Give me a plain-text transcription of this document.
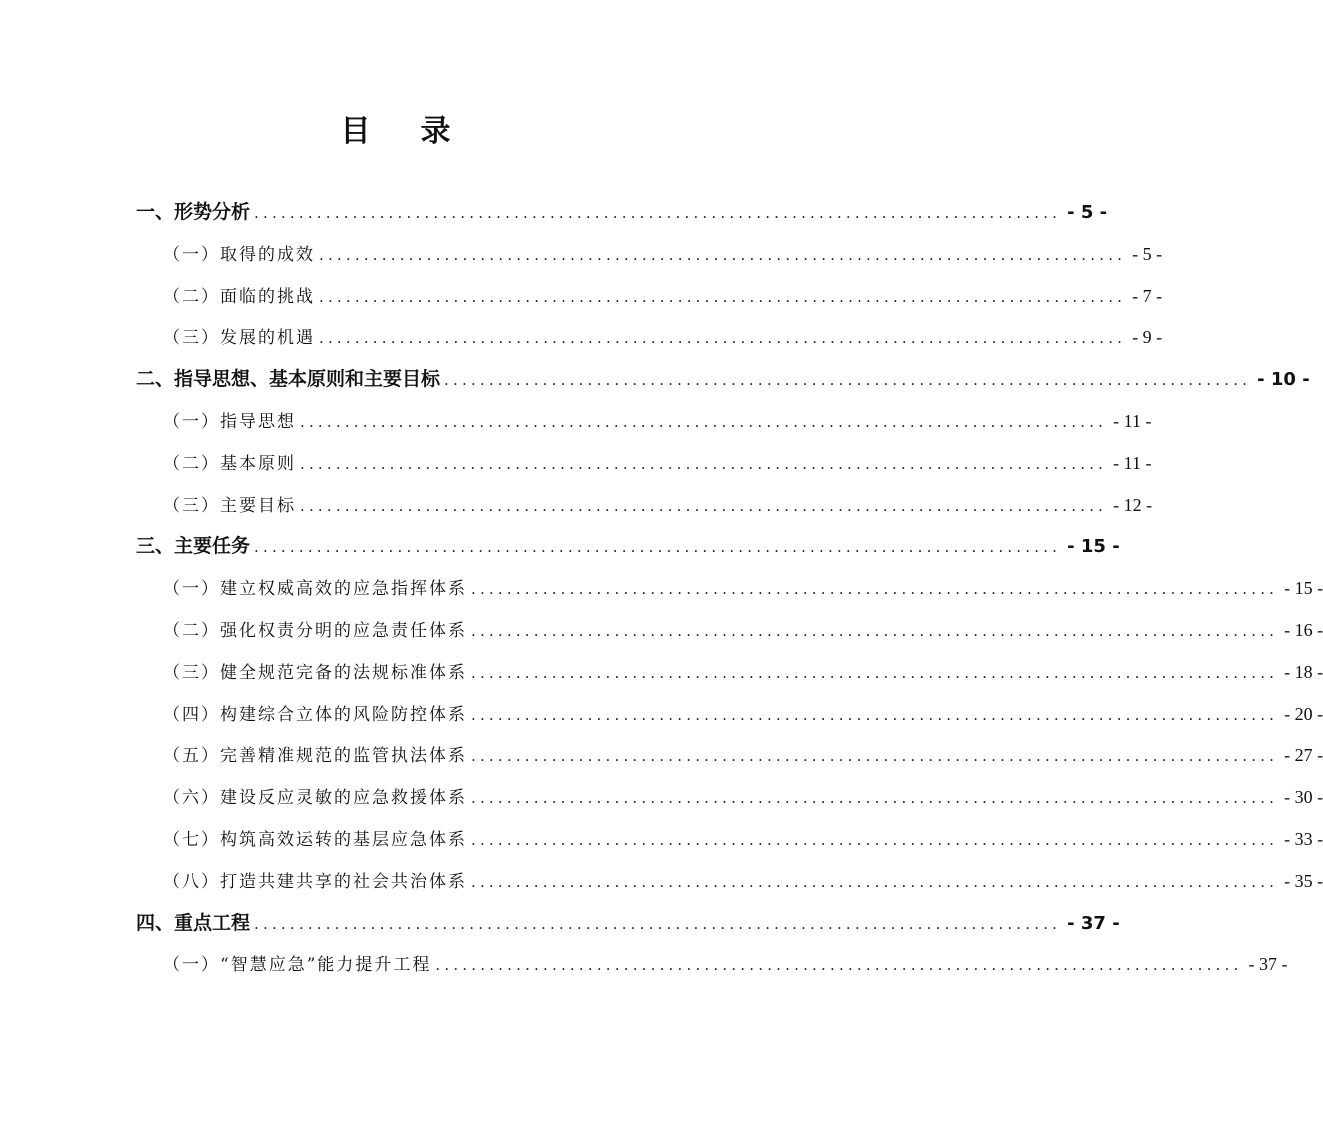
目 录
一、形势分析 .......................................................................................... - 5 -
（一）取得的成效 .......................................................................................... - 5 -
（二）面临的挑战 .......................................................................................... - 7 -
（三）发展的机遇 .......................................................................................... - 9 -
二、指导思想、基本原则和主要目标 .......................................................................................... - 10 -
（一）指导思想 .......................................................................................... - 11 -
（二）基本原则 .......................................................................................... - 11 -
（三）主要目标 .......................................................................................... - 12 -
三、主要任务 .......................................................................................... - 15 -
（一）建立权威高效的应急指挥体系 .......................................................................................... - 15 -
（二）强化权责分明的应急责任体系 .......................................................................................... - 16 -
（三）健全规范完备的法规标准体系 .......................................................................................... - 18 -
（四）构建综合立体的风险防控体系 .......................................................................................... - 20 -
（五）完善精准规范的监管执法体系 .......................................................................................... - 27 -
（六）建设反应灵敏的应急救援体系 .......................................................................................... - 30 -
（七）构筑高效运转的基层应急体系 .......................................................................................... - 33 -
（八）打造共建共享的社会共治体系 .......................................................................................... - 35 -
四、重点工程 .......................................................................................... - 37 -
（一）“智慧应急”能力提升工程 .......................................................................................... - 37 -
